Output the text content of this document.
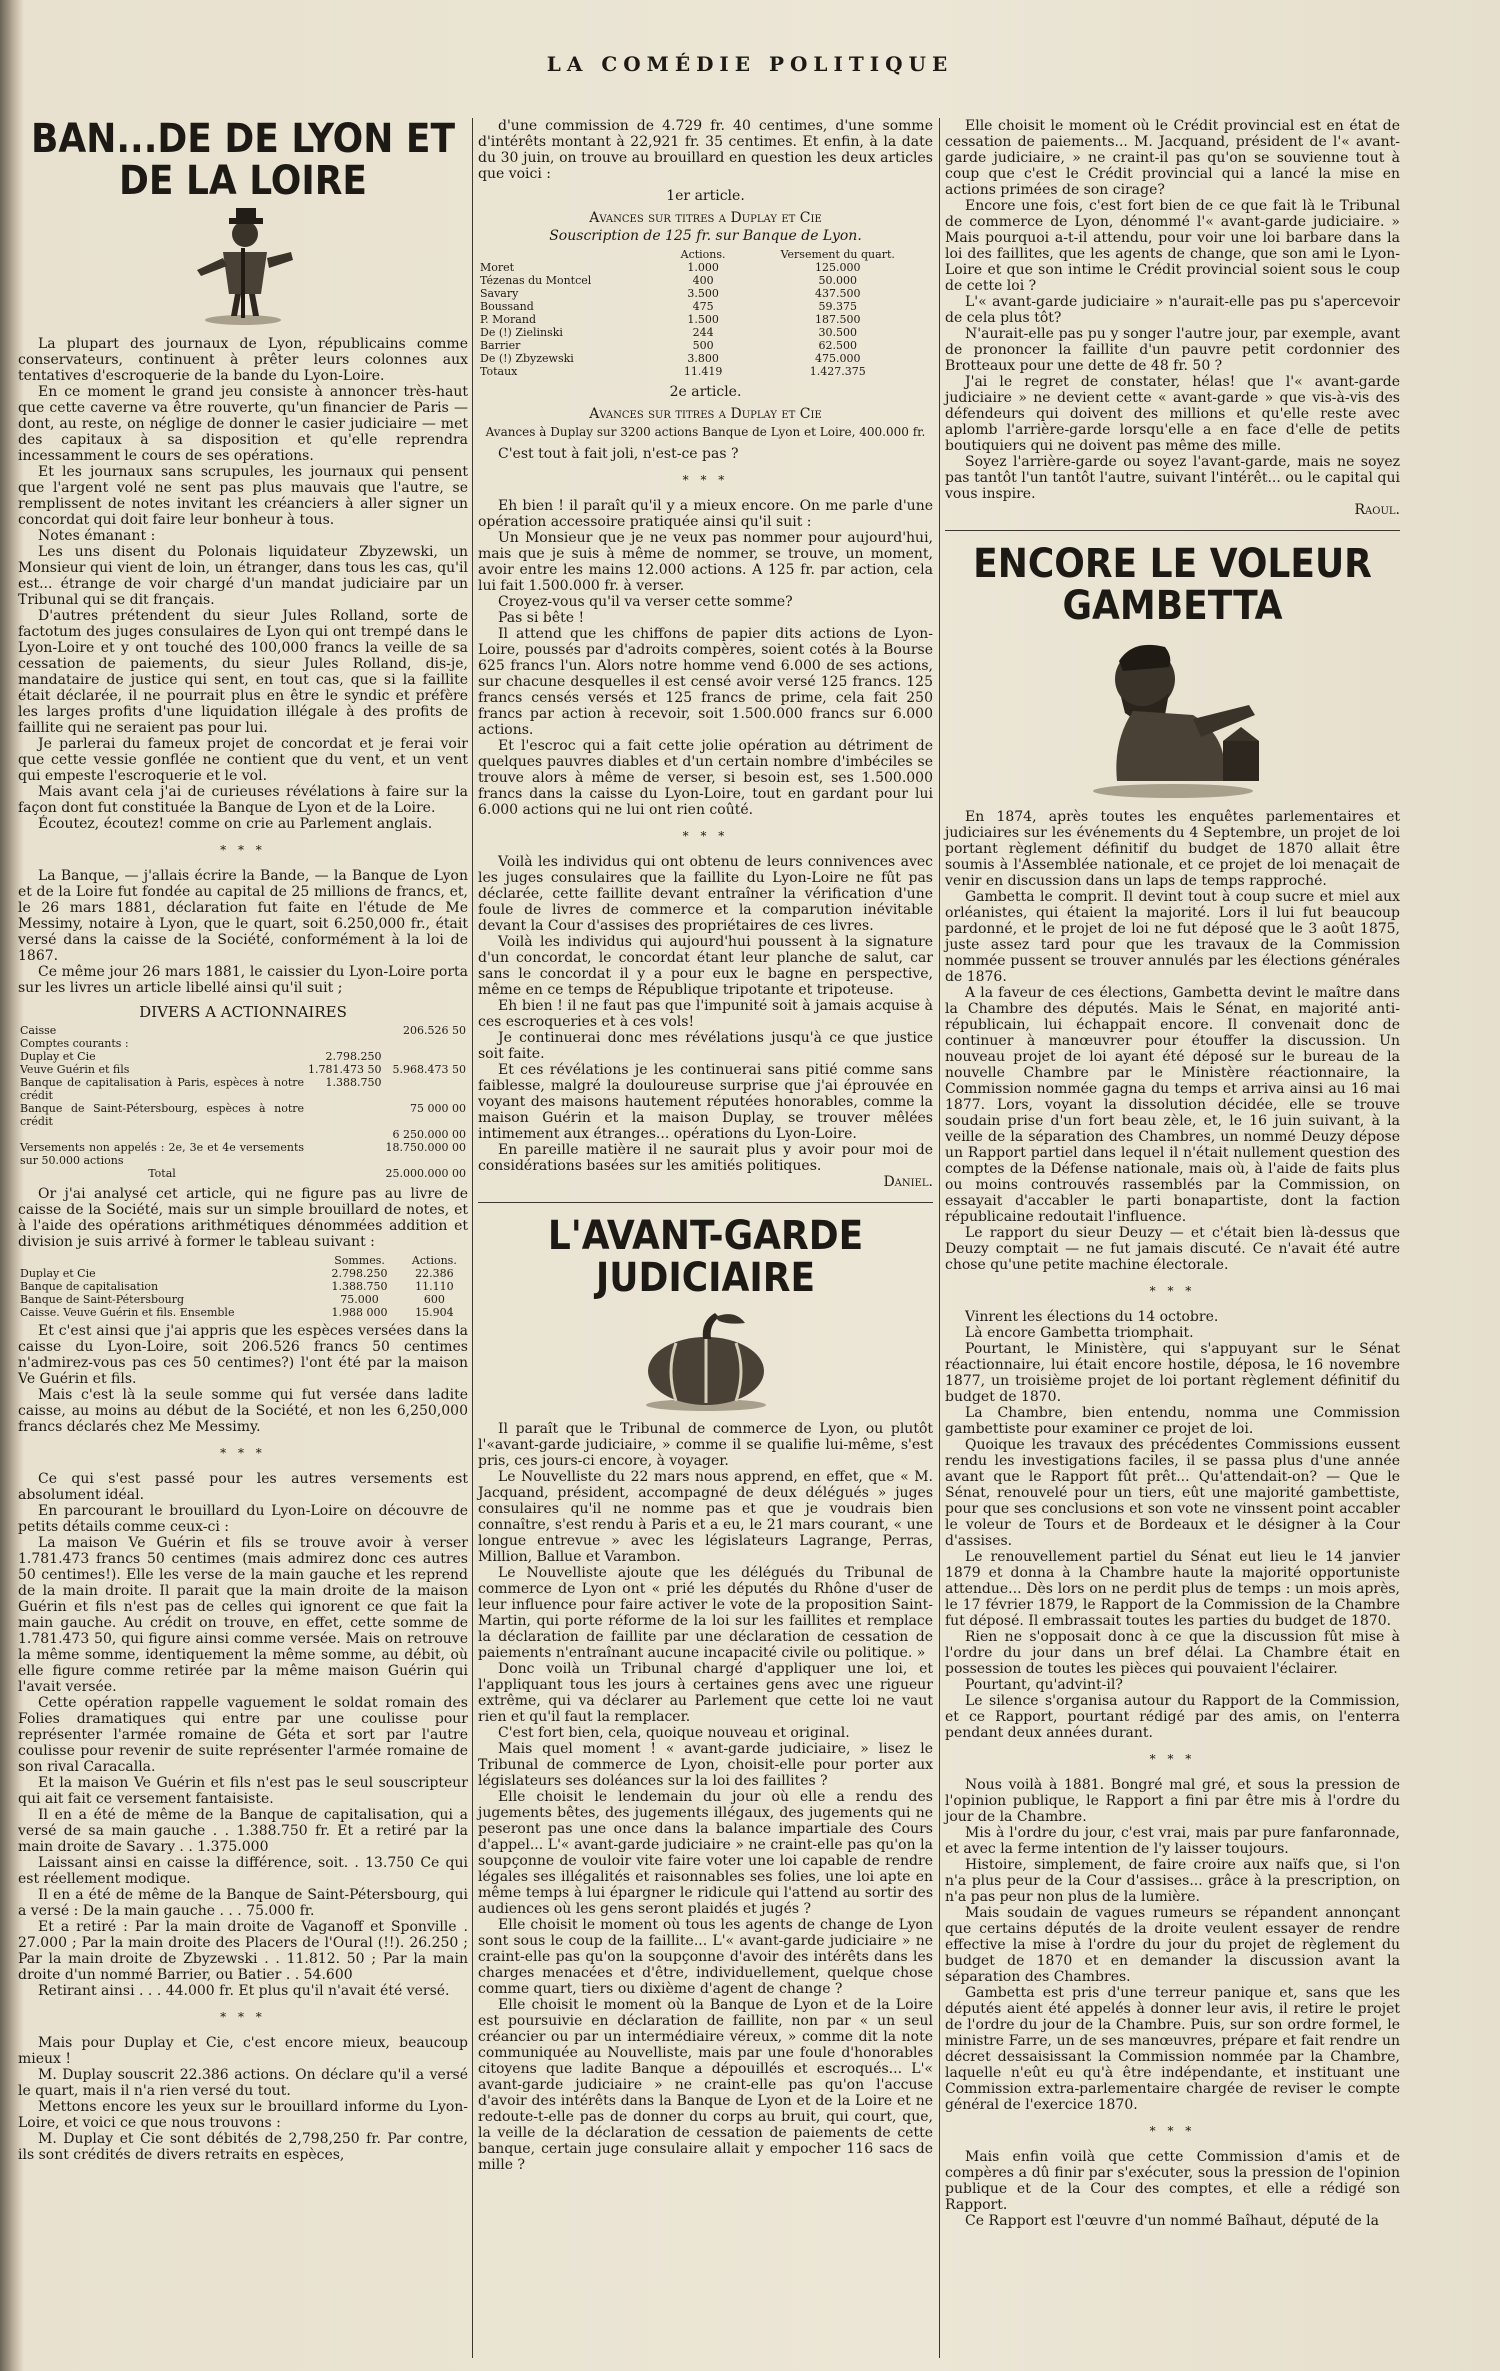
LA COMÉDIE POLITIQUE
BAN...DE DE LYON ET DE LA LOIRE

La plupart des journaux de Lyon, républicains comme conservateurs, continuent à prêter leurs colonnes aux tentatives d'escroquerie de la bande du Lyon-Loire.

En ce moment le grand jeu consiste à annoncer très-haut que cette caverne va être rouverte, qu'un financier de Paris — dont, au reste, on néglige de donner le casier judiciaire — met des capitaux à sa disposition et qu'elle reprendra incessamment le cours de ses opérations.

Et les journaux sans scrupules, les journaux qui pensent que l'argent volé ne sent pas plus mauvais que l'autre, se remplissent de notes invitant les créanciers à aller signer un concordat qui doit faire leur bonheur à tous.

Notes émanant :

Les uns disent du Polonais liquidateur Zbyzewski, un Monsieur qui vient de loin, un étranger, dans tous les cas, qu'il est... étrange de voir chargé d'un mandat judiciaire par un Tribunal qui se dit français.

D'autres prétendent du sieur Jules Rolland, sorte de factotum des juges consulaires de Lyon qui ont trempé dans le Lyon-Loire et y ont touché des 100,000 francs la veille de sa cessation de paiements, du sieur Jules Rolland, dis-je, mandataire de justice qui sent, en tout cas, que si la faillite était déclarée, il ne pourrait plus en être le syndic et préfère les larges profits d'une liquidation illégale à des profits de faillite qui ne seraient pas pour lui.

Je parlerai du fameux projet de concordat et je ferai voir que cette vessie gonflée ne contient que du vent, et un vent qui empeste l'escroquerie et le vol.

Mais avant cela j'ai de curieuses révélations à faire sur la façon dont fut constituée la Banque de Lyon et de la Loire.

Écoutez, écoutez! comme on crie au Parlement anglais.

* * *

La Banque, — j'allais écrire la Bande, — la Banque de Lyon et de la Loire fut fondée au capital de 25 millions de francs, et, le 26 mars 1881, déclaration fut faite en l'étude de Me Messimy, notaire à Lyon, que le quart, soit 6.250,000 fr., était versé dans la caisse de la Société, conformément à la loi de 1867.

Ce même jour 26 mars 1881, le caissier du Lyon-Loire porta sur les livres un article libellé ainsi qu'il suit ;

DIVERS A ACTIONNAIRES
Caisse		206.526 50
Comptes courants :		
Duplay et Cie	2.798.250	
Veuve Guérin et fils	1.781.473 50	5.968.473 50
Banque de capitalisation à Paris, espèces à notre crédit	1.388.750	
Banque de Saint-Pétersbourg, espèces à notre crédit		75 000 00
		6 250.000 00
Versements non appelés : 2e, 3e et 4e versements sur 50.000 actions		18.750.000 00
Total		25.000.000 00

Or j'ai analysé cet article, qui ne figure pas au livre de caisse de la Société, mais sur un simple brouillard de notes, et à l'aide des opérations arithmétiques dénommées addition et division je suis arrivé à former le tableau suivant :

	Sommes.	Actions.
Duplay et Cie	2.798.250	22.386
Banque de capitalisation	1.388.750	11.110
Banque de Saint-Pétersbourg	75.000	600
Caisse. Veuve Guérin et fils. Ensemble	1.988 000	15.904

Et c'est ainsi que j'ai appris que les espèces versées dans la caisse du Lyon-Loire, soit 206.526 francs 50 centimes n'admirez-vous pas ces 50 centimes?) l'ont été par la maison Ve Guérin et fils.

Mais c'est là la seule somme qui fut versée dans ladite caisse, au moins au début de la Société, et non les 6,250,000 francs déclarés chez Me Messimy.

* * *

Ce qui s'est passé pour les autres versements est absolument idéal.

En parcourant le brouillard du Lyon-Loire on découvre de petits détails comme ceux-ci :

La maison Ve Guérin et fils se trouve avoir à verser 1.781.473 francs 50 centimes (mais admirez donc ces autres 50 centimes!). Elle les verse de la main gauche et les reprend de la main droite. Il parait que la main droite de la maison Guérin et fils n'est pas de celles qui ignorent ce que fait la main gauche. Au crédit on trouve, en effet, cette somme de 1.781.473 50, qui figure ainsi comme versée. Mais on retrouve la même somme, identiquement la même somme, au débit, où elle figure comme retirée par la même maison Guérin qui l'avait versée.

Cette opération rappelle vaguement le soldat romain des Folies dramatiques qui entre par une coulisse pour représenter l'armée romaine de Géta et sort par l'autre coulisse pour revenir de suite représenter l'armée romaine de son rival Caracalla.

Et la maison Ve Guérin et fils n'est pas le seul souscripteur qui ait fait ce versement fantaisiste.

Il en a été de même de la Banque de capitalisation, qui a versé de sa main gauche . . 1.388.750 fr. Et a retiré par la main droite de Savary . . 1.375.000

Laissant ainsi en caisse la différence, soit. . 13.750 Ce qui est réellement modique.

Il en a été de même de la Banque de Saint-Pétersbourg, qui a versé : De la main gauche . . . 75.000 fr.

Et a retiré : Par la main droite de Vaganoff et Sponville . 27.000 ; Par la main droite des Placers de l'Oural (!!). 26.250 ; Par la main droite de Zbyzewski . . 11.812. 50 ; Par la main droite d'un nommé Barrier, ou Batier . . 54.600

Retirant ainsi . . . 44.000 fr. Et plus qu'il n'avait été versé.

* * *

Mais pour Duplay et Cie, c'est encore mieux, beaucoup mieux !

M. Duplay souscrit 22.386 actions. On déclare qu'il a versé le quart, mais il n'a rien versé du tout.

Mettons encore les yeux sur le brouillard informe du Lyon-Loire, et voici ce que nous trouvons :

M. Duplay et Cie sont débités de 2,798,250 fr. Par contre, ils sont crédités de divers retraits en espèces,

d'une commission de 4.729 fr. 40 centimes, d'une somme d'intérêts montant à 22,921 fr. 35 centimes. Et enfin, à la date du 30 juin, on trouve au brouillard en question les deux articles que voici :

1er article.
Avances sur titres a Duplay et Cie
Souscription de 125 fr. sur Banque de Lyon.
	Actions.	Versement du quart.
Moret	1.000	125.000
Tézenas du Montcel	400	50.000
Savary	3.500	437.500
Boussand	475	59.375
P. Morand	1.500	187.500
De (!) Zielinski	244	30.500
Barrier	500	62.500
De (!) Zbyzewski	3.800	475.000
Totaux	11.419	1.427.375
2e article.
Avances sur titres a Duplay et Cie
Avances à Duplay sur 3200 actions Banque de Lyon et Loire, 400.000 fr.

C'est tout à fait joli, n'est-ce pas ?

* * *

Eh bien ! il paraît qu'il y a mieux encore. On me parle d'une opération accessoire pratiquée ainsi qu'il suit :

Un Monsieur que je ne veux pas nommer pour aujourd'hui, mais que je suis à même de nommer, se trouve, un moment, avoir entre les mains 12.000 actions. A 125 fr. par action, cela lui fait 1.500.000 fr. à verser.

Croyez-vous qu'il va verser cette somme?

Pas si bête !

Il attend que les chiffons de papier dits actions de Lyon-Loire, poussés par d'adroits compères, soient cotés à la Bourse 625 francs l'un. Alors notre homme vend 6.000 de ses actions, sur chacune desquelles il est censé avoir versé 125 francs. 125 francs censés versés et 125 francs de prime, cela fait 250 francs par action à recevoir, soit 1.500.000 francs sur 6.000 actions.

Et l'escroc qui a fait cette jolie opération au détriment de quelques pauvres diables et d'un certain nombre d'imbéciles se trouve alors à même de verser, si besoin est, ses 1.500.000 francs dans la caisse du Lyon-Loire, tout en gardant pour lui 6.000 actions qui ne lui ont rien coûté.

* * *

Voilà les individus qui ont obtenu de leurs connivences avec les juges consulaires que la faillite du Lyon-Loire ne fût pas déclarée, cette faillite devant entraîner la vérification d'une foule de livres de commerce et la comparution inévitable devant la Cour d'assises des propriétaires de ces livres.

Voilà les individus qui aujourd'hui poussent à la signature d'un concordat, le concordat étant leur planche de salut, car sans le concordat il y a pour eux le bagne en perspective, même en ce temps de République tripotante et tripoteuse.

Eh bien ! il ne faut pas que l'impunité soit à jamais acquise à ces escroqueries et à ces vols!

Je continuerai donc mes révélations jusqu'à ce que justice soit faite.

Et ces révélations je les continuerai sans pitié comme sans faiblesse, malgré la douloureuse surprise que j'ai éprouvée en voyant des maisons hautement réputées honorables, comme la maison Guérin et la maison Duplay, se trouver mêlées intimement aux étranges... opérations du Lyon-Loire.

En pareille matière il ne saurait plus y avoir pour moi de considérations basées sur les amitiés politiques.

Daniel.
L'AVANT-GARDE JUDICIAIRE

Il paraît que le Tribunal de commerce de Lyon, ou plutôt l'«avant-garde judiciaire, » comme il se qualifie lui-même, s'est pris, ces jours-ci encore, à voyager.

Le Nouvelliste du 22 mars nous apprend, en effet, que « M. Jacquand, président, accompagné de deux délégués » juges consulaires qu'il ne nomme pas et que je voudrais bien connaître, s'est rendu à Paris et a eu, le 21 mars courant, « une longue entrevue » avec les législateurs Lagrange, Perras, Million, Ballue et Varambon.

Le Nouvelliste ajoute que les délégués du Tribunal de commerce de Lyon ont « prié les députés du Rhône d'user de leur influence pour faire activer le vote de la proposition Saint-Martin, qui porte réforme de la loi sur les faillites et remplace la déclaration de faillite par une déclaration de cessation de paiements n'entraînant aucune incapacité civile ou politique. »

Donc voilà un Tribunal chargé d'appliquer une loi, et l'appliquant tous les jours à certaines gens avec une rigueur extrême, qui va déclarer au Parlement que cette loi ne vaut rien et qu'il faut la remplacer.

C'est fort bien, cela, quoique nouveau et original.

Mais quel moment ! « avant-garde judiciaire, » lisez le Tribunal de commerce de Lyon, choisit-elle pour porter aux législateurs ses doléances sur la loi des faillites ?

Elle choisit le lendemain du jour où elle a rendu des jugements bêtes, des jugements illégaux, des jugements qui ne peseront pas une once dans la balance impartiale des Cours d'appel... L'« avant-garde judiciaire » ne craint-elle pas qu'on la soupçonne de vouloir vite faire voter une loi capable de rendre légales ses illégalités et raisonnables ses folies, une loi apte en même temps à lui épargner le ridicule qui l'attend au sortir des audiences où les gens seront plaidés et jugés ?

Elle choisit le moment où tous les agents de change de Lyon sont sous le coup de la faillite... L'« avant-garde judiciaire » ne craint-elle pas qu'on la soupçonne d'avoir des intérêts dans les charges menacées et d'être, individuellement, quelque chose comme quart, tiers ou dixième d'agent de change ?

Elle choisit le moment où la Banque de Lyon et de la Loire est poursuivie en déclaration de faillite, non par « un seul créancier ou par un intermédiaire véreux, » comme dit la note communiquée au Nouvelliste, mais par une foule d'honorables citoyens que ladite Banque a dépouillés et escroqués... L'« avant-garde judiciaire » ne craint-elle pas qu'on l'accuse d'avoir des intérêts dans la Banque de Lyon et de la Loire et ne redoute-t-elle pas de donner du corps au bruit, qui court, que, la veille de la déclaration de cessation de paiements de cette banque, certain juge consulaire allait y empocher 116 sacs de mille ?

Elle choisit le moment où le Crédit provincial est en état de cessation de paiements... M. Jacquand, président de l'« avant-garde judiciaire, » ne craint-il pas qu'on se souvienne tout à coup que c'est le Crédit provincial qui a lancé la mise en actions primées de son cirage?

Encore une fois, c'est fort bien de ce que fait là le Tribunal de commerce de Lyon, dénommé l'« avant-garde judiciaire. » Mais pourquoi a-t-il attendu, pour voir une loi barbare dans la loi des faillites, que les agents de change, que son ami le Lyon-Loire et que son intime le Crédit provincial soient sous le coup de cette loi ?

L'« avant-garde judiciaire » n'aurait-elle pas pu s'apercevoir de cela plus tôt?

N'aurait-elle pas pu y songer l'autre jour, par exemple, avant de prononcer la faillite d'un pauvre petit cordonnier des Brotteaux pour une dette de 48 fr. 50 ?

J'ai le regret de constater, hélas! que l'« avant-garde judiciaire » ne devient cette « avant-garde » que vis-à-vis des défendeurs qui doivent des millions et qu'elle reste avec aplomb l'arrière-garde lorsqu'elle a en face d'elle de petits boutiquiers qui ne doivent pas même des mille.

Soyez l'arrière-garde ou soyez l'avant-garde, mais ne soyez pas tantôt l'un tantôt l'autre, suivant l'intérêt... ou le capital qui vous inspire.

Raoul.
ENCORE LE VOLEUR GAMBETTA

En 1874, après toutes les enquêtes parlementaires et judiciaires sur les événements du 4 Septembre, un projet de loi portant règlement définitif du budget de 1870 allait être soumis à l'Assemblée nationale, et ce projet de loi menaçait de venir en discussion dans un laps de temps rapproché.

Gambetta le comprit. Il devint tout à coup sucre et miel aux orléanistes, qui étaient la majorité. Lors il lui fut beaucoup pardonné, et le projet de loi ne fut déposé que le 3 août 1875, juste assez tard pour que les travaux de la Commission nommée pussent se trouver annulés par les élections générales de 1876.

A la faveur de ces élections, Gambetta devint le maître dans la Chambre des députés. Mais le Sénat, en majorité anti-républicain, lui échappait encore. Il convenait donc de continuer à manœuvrer pour étouffer la discussion. Un nouveau projet de loi ayant été déposé sur le bureau de la nouvelle Chambre par le Ministère réactionnaire, la Commission nommée gagna du temps et arriva ainsi au 16 mai 1877. Lors, voyant la dissolution décidée, elle se trouve soudain prise d'un fort beau zèle, et, le 16 juin suivant, à la veille de la séparation des Chambres, un nommé Deuzy dépose un Rapport partiel dans lequel il n'était nullement question des comptes de la Défense nationale, mais où, à l'aide de faits plus ou moins controuvés rassemblés par la Commission, on essayait d'accabler le parti bonapartiste, dont la faction républicaine redoutait l'influence.

Le rapport du sieur Deuzy — et c'était bien là-dessus que Deuzy comptait — ne fut jamais discuté. Ce n'avait été autre chose qu'une petite machine électorale.

* * *

Vinrent les élections du 14 octobre.

Là encore Gambetta triomphait.

Pourtant, le Ministère, qui s'appuyant sur le Sénat réactionnaire, lui était encore hostile, déposa, le 16 novembre 1877, un troisième projet de loi portant règlement définitif du budget de 1870.

La Chambre, bien entendu, nomma une Commission gambettiste pour examiner ce projet de loi.

Quoique les travaux des précédentes Commissions eussent rendu les investigations faciles, il se passa plus d'une année avant que le Rapport fût prêt... Qu'attendait-on? — Que le Sénat, renouvelé pour un tiers, eût une majorité gambettiste, pour que ses conclusions et son vote ne vinssent point accabler le voleur de Tours et de Bordeaux et le désigner à la Cour d'assises.

Le renouvellement partiel du Sénat eut lieu le 14 janvier 1879 et donna à la Chambre haute la majorité opportuniste attendue... Dès lors on ne perdit plus de temps : un mois après, le 17 février 1879, le Rapport de la Commission de la Chambre fut déposé. Il embrassait toutes les parties du budget de 1870.

Rien ne s'opposait donc à ce que la discussion fût mise à l'ordre du jour dans un bref délai. La Chambre était en possession de toutes les pièces qui pouvaient l'éclairer.

Pourtant, qu'advint-il?

Le silence s'organisa autour du Rapport de la Commission, et ce Rapport, pourtant rédigé par des amis, on l'enterra pendant deux années durant.

* * *

Nous voilà à 1881. Bongré mal gré, et sous la pression de l'opinion publique, le Rapport a fini par être mis à l'ordre du jour de la Chambre.

Mis à l'ordre du jour, c'est vrai, mais par pure fanfaronnade, et avec la ferme intention de l'y laisser toujours.

Histoire, simplement, de faire croire aux naïfs que, si l'on n'a plus peur de la Cour d'assises... grâce à la prescription, on n'a pas peur non plus de la lumière.

Mais soudain de vagues rumeurs se répandent annonçant que certains députés de la droite veulent essayer de rendre effective la mise à l'ordre du jour du projet de règlement du budget de 1870 et en demander la discussion avant la séparation des Chambres.

Gambetta est pris d'une terreur panique et, sans que les députés aient été appelés à donner leur avis, il retire le projet de l'ordre du jour de la Chambre. Puis, sur son ordre formel, le ministre Farre, un de ses manœuvres, prépare et fait rendre un décret dessaisissant la Commission nommée par la Chambre, laquelle n'eût eu qu'à être indépendante, et instituant une Commission extra-parlementaire chargée de reviser le compte général de l'exercice 1870.

* * *

Mais enfin voilà que cette Commission d'amis et de compères a dû finir par s'exécuter, sous la pression de l'opinion publique et de la Cour des comptes, et elle a rédigé son Rapport.

Ce Rapport est l'œuvre d'un nommé Baîhaut, député de la
